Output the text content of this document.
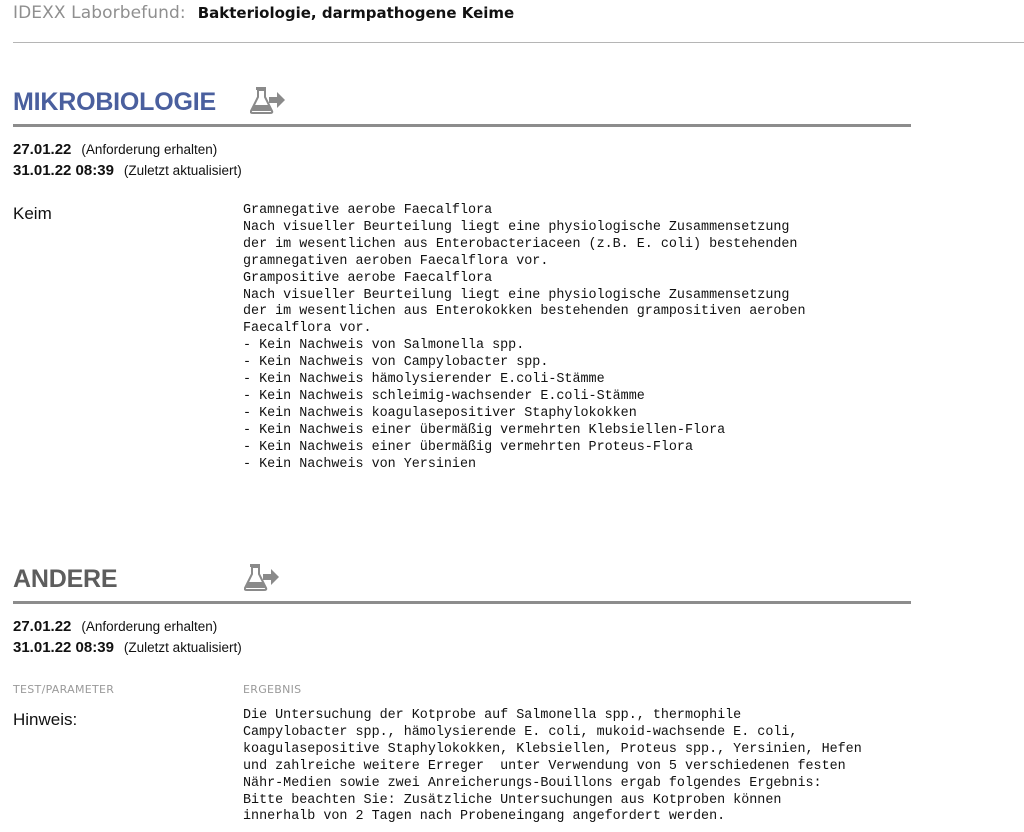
IDEXX Laborbefund: Bakteriologie, darmpathogene Keime
MIKROBIOLOGIE
27.01.22 (Anforderung erhalten)
31.01.22 08:39 (Zuletzt aktualisiert)
Keim	Gramnegative aerobe Faecalflora
Nach visueller Beurteilung liegt eine physiologische Zusammensetzung
der im wesentlichen aus Enterobacteriaceen (z.B. E. coli) bestehenden
gramnegativen aeroben Faecalflora vor.
Grampositive aerobe Faecalflora
Nach visueller Beurteilung liegt eine physiologische Zusammensetzung
der im wesentlichen aus Enterokokken bestehenden grampositiven aeroben
Faecalflora vor.
- Kein Nachweis von Salmonella spp.
- Kein Nachweis von Campylobacter spp.
- Kein Nachweis hämolysierender E.coli-Stämme
- Kein Nachweis schleimig-wachsender E.coli-Stämme
- Kein Nachweis koagulasepositiver Staphylokokken
- Kein Nachweis einer übermäßig vermehrten Klebsiellen-Flora
- Kein Nachweis einer übermäßig vermehrten Proteus-Flora
- Kein Nachweis von Yersinien
ANDERE
27.01.22 (Anforderung erhalten)
31.01.22 08:39 (Zuletzt aktualisiert)
TEST/PARAMETER	ERGEBNIS
Hinweis:	Die Untersuchung der Kotprobe auf Salmonella spp., thermophile
Campylobacter spp., hämolysierende E. coli, mukoid-wachsende E. coli,
koagulasepositive Staphylokokken, Klebsiellen, Proteus spp., Yersinien, Hefen
und zahlreiche weitere Erreger  unter Verwendung von 5 verschiedenen festen
Nähr-Medien sowie zwei Anreicherungs-Bouillons ergab folgendes Ergebnis:
Bitte beachten Sie: Zusätzliche Untersuchungen aus Kotproben können
innerhalb von 2 Tagen nach Probeneingang angefordert werden.
